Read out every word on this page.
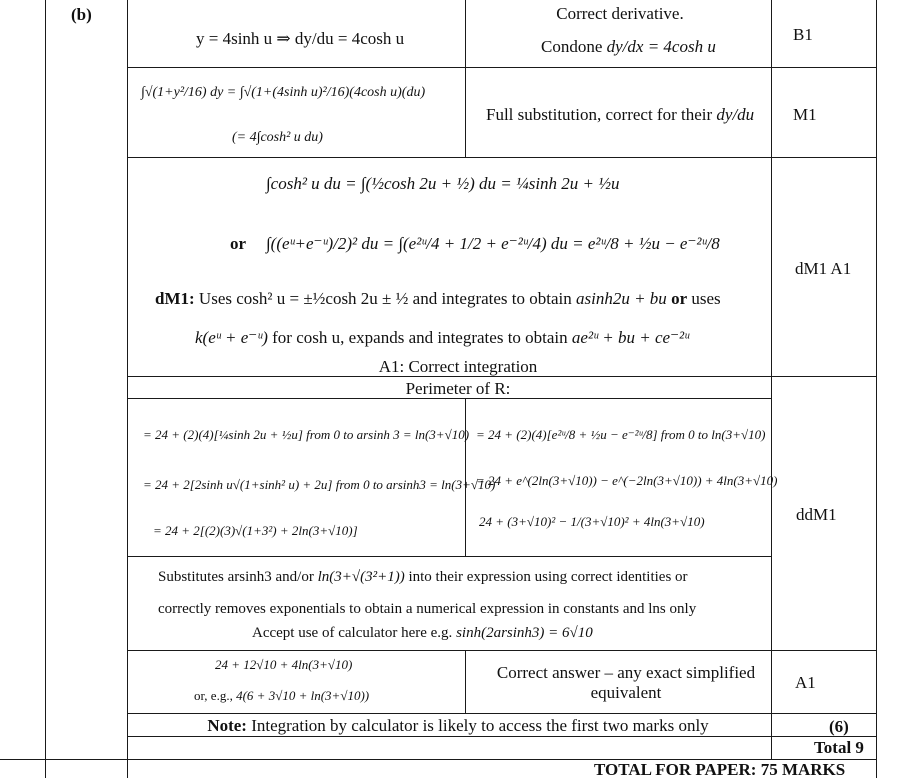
(b)
y = 4sinh u ⇒ dy/du = 4cosh u
Correct derivative.
Condone dy/dx = 4cosh u
B1
∫√(1+y²/16) dy = ∫√(1+(4sinh u)²/16)(4cosh u)(du)
(= 4∫cosh² u du)
Full substitution, correct for their dy/du M1
∫cosh² u du = ∫(½cosh 2u + ½) du = ¼sinh 2u + ½u
or ∫((eᵘ+e⁻ᵘ)/2)² du = ∫(e²ᵘ/4 + 1/2 + e⁻²ᵘ/4) du = e²ᵘ/8 + ½u − e⁻²ᵘ/8
dM1: Uses cosh² u = ±½cosh 2u ± ½ and integrates to obtain asinh2u + bu or uses
k(eᵘ + e⁻ᵘ) for cosh u, expands and integrates to obtain ae²ᵘ + bu + ce⁻²ᵘ
A1: Correct integration
dM1 A1
Perimeter of R:
= 24 + (2)(4)[¼sinh 2u + ½u] from 0 to arsinh 3 = ln(3+√10)
= 24 + 2[2sinh u√(1+sinh² u) + 2u] from 0 to arsinh3 = ln(3+√10)
= 24 + 2[(2)(3)√(1+3²) + 2ln(3+√10)]
= 24 + (2)(4)[e²ᵘ/8 + ½u − e⁻²ᵘ/8] from 0 to ln(3+√10)
= 24 + e^(2ln(3+√10)) − e^(−2ln(3+√10)) + 4ln(3+√10)
24 + (3+√10)² − 1/(3+√10)² + 4ln(3+√10)
Substitutes arsinh3 and/or ln(3+√(3²+1)) into their expression using correct identities or
correctly removes exponentials to obtain a numerical expression in constants and lns only
Accept use of calculator here e.g. sinh(2arsinh3) = 6√10
ddM1
24 + 12√10 + 4ln(3+√10)
or, e.g., 4(6 + 3√10 + ln(3+√10))
Correct answer – any exact simplified
equivalent
A1
Note: Integration by calculator is likely to access the first two marks only	(6)
Total 9
TOTAL FOR PAPER: 75 MARKS
